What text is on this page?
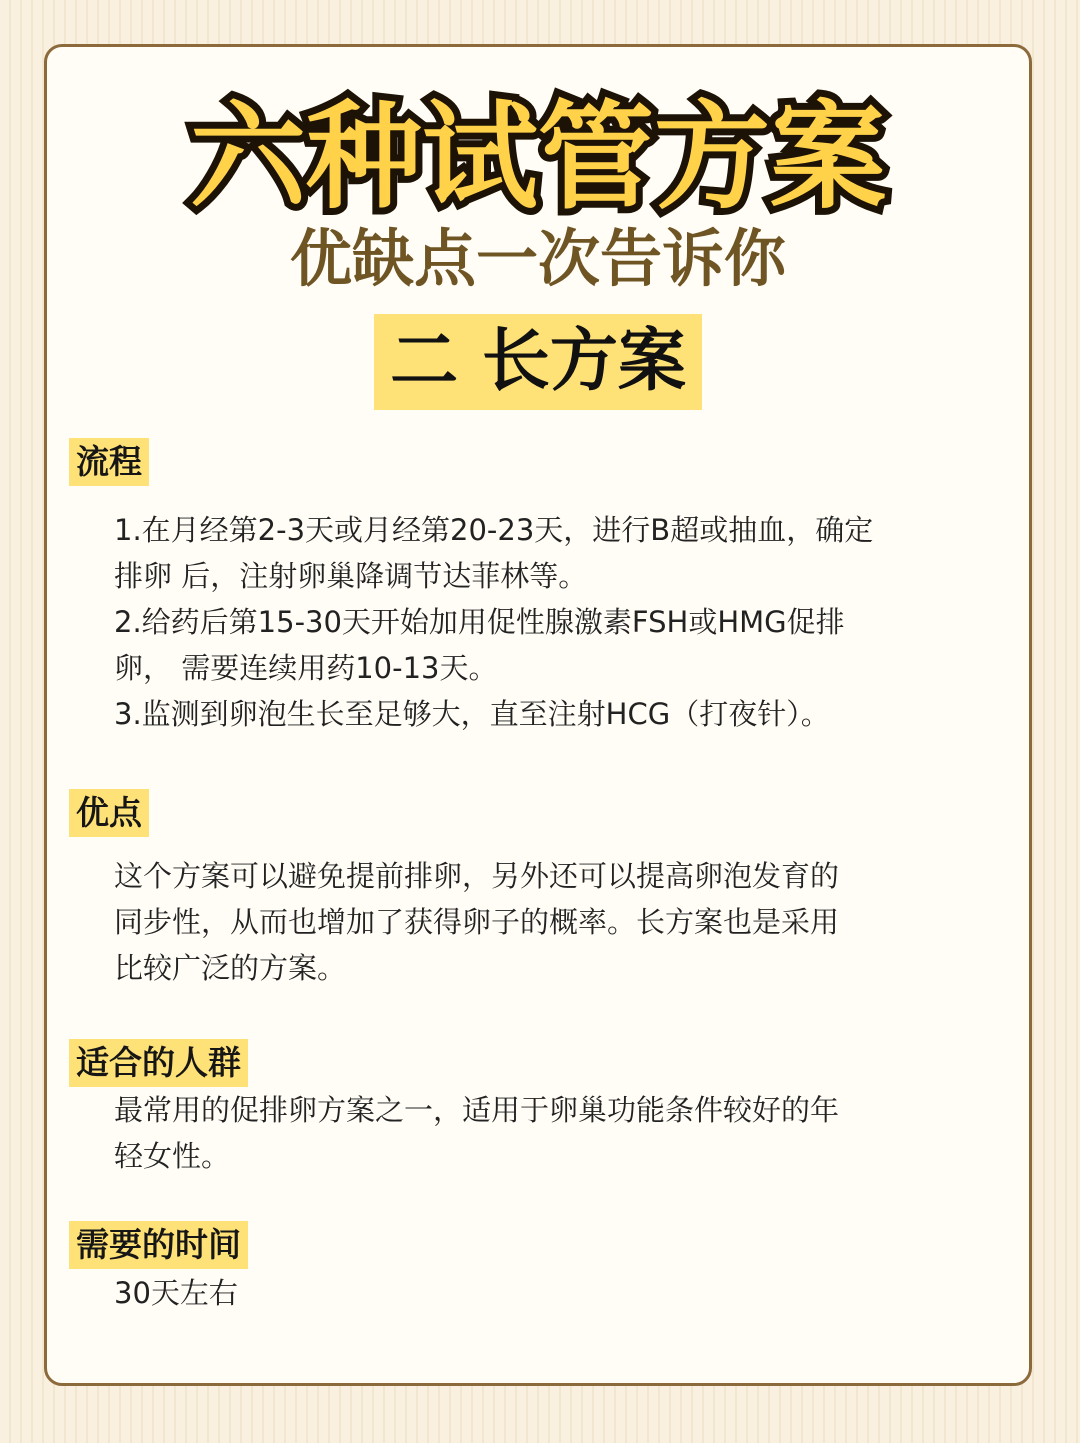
六种试管方案
优缺点一次告诉你
二 长方案
流程
1.在月经第2-3天或月经第20-23天，进行B超或抽血，确定
排卵 后，注射卵巢降调节达菲林等。
2.给药后第15-30天开始加用促性腺激素FSH或HMG促排
卵， 需要连续用药10-13天。
3.监测到卵泡生长至足够大，直至注射HCG（打夜针）。
优点
这个方案可以避免提前排卵，另外还可以提高卵泡发育的
同步性，从而也增加了获得卵子的概率。长方案也是采用
比较广泛的方案。
适合的人群
最常用的促排卵方案之一，适用于卵巢功能条件较好的年
轻女性。
需要的时间
30天左右
